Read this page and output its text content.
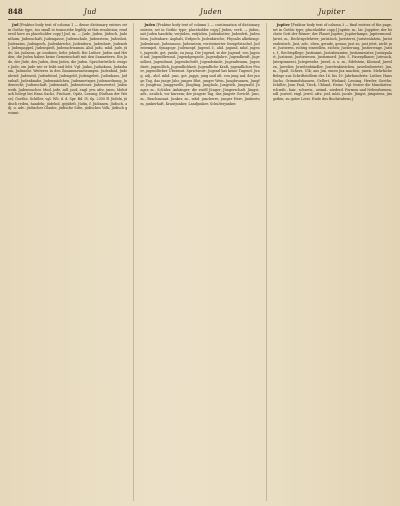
848	Jud	Juden	Jupiter

Jud [Fraktur body text of column 1 — dense dictionary entries set in Gothic type, too small to transcribe legibly at this resolution; rendered here as placeholder copy.] Jud, m. — Jude, Juden, Jüdisch, Judenthum, Judenschaft, Judengasse, Judenschule, Judenstern, Judenhut, Judenzins, Judenpech, Judenkirsche, Judendorn, Judenbart, Judenohr, Judenpappel, Judenspieß, Judenschwamm. Ahd. judo, mhd. jude, jüde; lat. judaeus, gr. ioudaios; hebr. jehudi. Bei Luther: Juden und Heiden; die Juden haben keine Gemeinschaft mit den Samaritern. Ein Jude, der Jüde, des Juden, dem Juden, die Juden. Sprichwörtlich: ewiger Jude; ein Jude wie er leibt und lebt. Vgl. Judas, Judaskuss, Judasbaum, Judasohr. Weiteres in den Zusammensetzungen: Judenbad, Judenbrief, Judeneid, Judenfeind, Judengeld, Judengeleit, Judenhaus, Judenhaß, Judenknabe, Judenmädchen, Judenmetzger, Judenordnung, Judenrecht, Judenschaft, Judenstadt, Judensteuer, Judenviertel, Judenweib, Judenwucher. Mnd. jode, ndl. jood, engl. jew, afrz. juieu. Mehrfach belegt bei Hans Sachs, Fischart, Opitz, Lessing (Nathan der Weise), Goethe, Schiller; vgl. Wb. d. d. Spr. Bd. IV, Sp. 2350 ff. Jüdeln, jüdisch reden, handeln; jüdelnd, gejüdelt. Jüdin, f. Jüdinnen. Jüdisch, adj. u. adv.: jüdischer Glaube, jüdische Sitte, jüdisches Volk, jüdisch gesinnt.

Juden [Fraktur body text of column 2 — continuation of dictionary entries, set in Gothic type; placeholder copy.] Juden, verb. — jüden, mit Juden handeln; verjüden, entjüden. Judenbutter, Judenfett, Judenleim, Judenharz: Asphalt, Erdpech. Judenkirsche, Physalis alkekengi. Judenkraut. Judenmoos. Judenstein, versteinerter Seeigelstachel. Judentempel, Synagoge. Judenzopf. Jugend, f., ahd. jugund, mhd. jugent, jugende, got. junda; zu jung. Die Jugend, in der Jugend, von Jugend auf, Jugendfreund, Jugendgespiele, Jugendjahre, Jugendkraft, Jugendlust, Jugendmut, Jugendschrift, Jugendsünde, Jugendtraum, Jugendzeit, jugendlich, Jugendlichkeit. Jugendliche Kraft, jugendliches Feuer, jugendlicher Übermut. Sprichwort: Jugend hat keine Tugend. Jung, adj., ahd. mhd. junc, got. juggs; jung und alt, von jung auf, der junge Tag, das junge Jahr, junges Blut, junger Wein, Jungbrunnen, Jungfer, Jungfrau, Junggeselle, Jüngling, Jungholz, Jungvieh, Jungwald. Jünger, m., Schüler, Anhänger; die zwölf Jünger; Jüngerschaft. Jüngst, adv., neulich, vor kurzem; der jüngste Tag, das jüngste Gericht. Juni, m., Brachmonat. Junker, m., mhd. juncherre, junger Herr; Junkertum, junkerhaft, Krautjunker, Landjunker, Schulterjunker.

Jupiter [Fraktur body text of column 3 — final entries of the page, set in Gothic type; placeholder copy.] Jupiter, m., lat. Juppiter, der höchste Gott der Römer; der Planet Jupiter; Jupiterlampe, Jupitermond. Jurist, m., Rechtsgelehrter; juristisch, Juristerei, Juristenlatein, Juristendeutsch. Just, adv., eben, gerade, genau; just so, just jetzt, nicht just. Justieren, richtig einstellen, eichen; Justierung, Justierwage. Justiz, f., Rechtspflege; Justizamt, Justizbeamter, Justizminister, Justizpalast, Justizrat, Justizwesen, Justizmord. Jute, f., Faserpflanze; Jutesack, Jutespinnerei, Jutegewebe. Juwel, n. u. m., Edelstein, Kleinod; Juwelen, Juwelier, Juwelenhändler, Juwelenkästchen, juwelenbesetzt. Jux, m., Spaß, Scherz, Ulk; aus Jux, einen Jux machen; juxen. Mehrfache Belege aus Schriftstellern des 16. bis 19. Jahrhunderts: Luther, Hans Sachs, Grimmelshausen, Gellert, Wieland, Lessing, Herder, Goethe, Schiller, Jean Paul, Tieck, Uhland, Heine. Vgl. ferner die Mundarten: schwäb., bair., schweiz., ostmd., niederd. Formen und Nebenformen; ndl. juweel, engl. jewel, afrz. joel, mlat. jocale. Jüngst, jüngstens, jüngsthin; zu guter Letzt. Ende des Buchstabens J.
